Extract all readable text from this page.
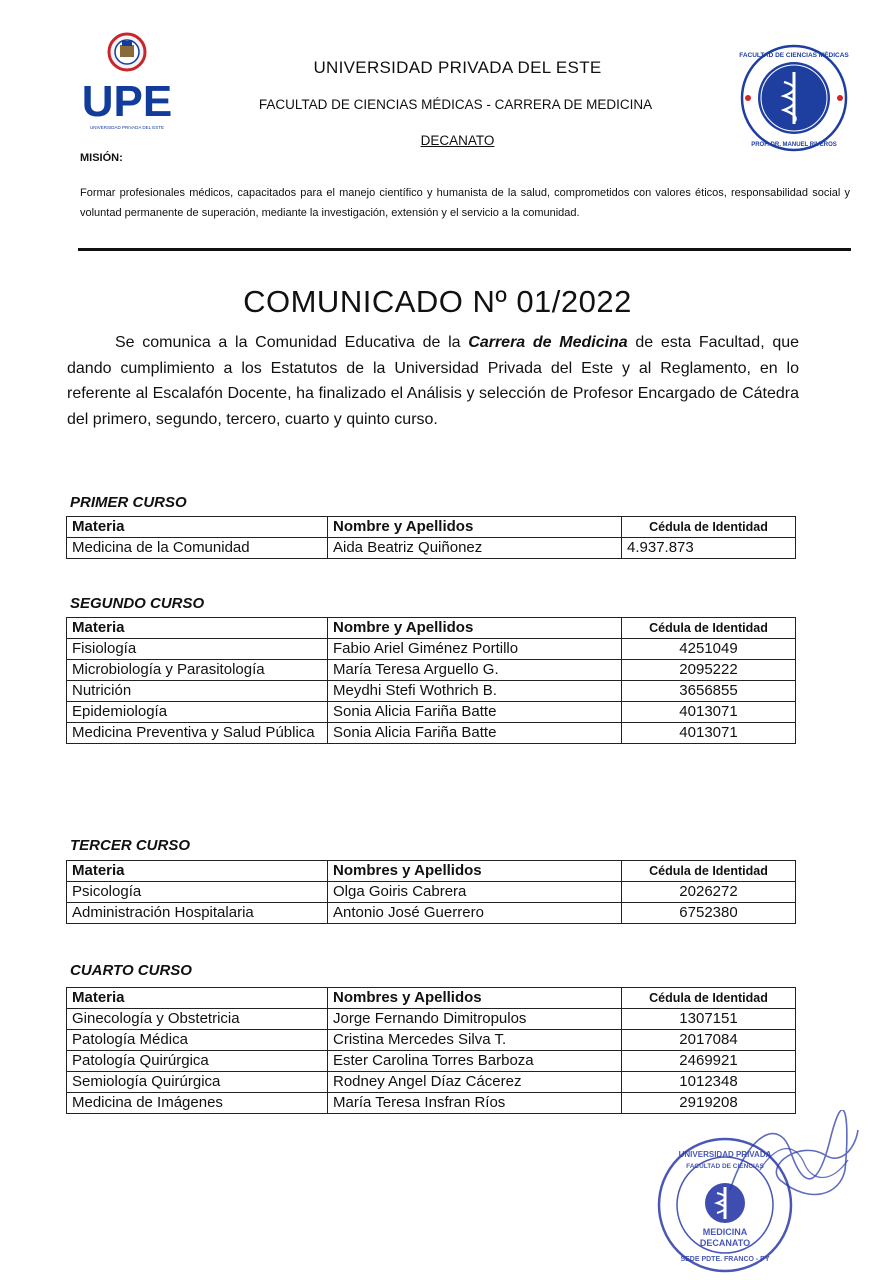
UPE
UNIVERSIDAD PRIVADA DEL ESTE
UNIVERSIDAD PRIVADA DEL ESTE
FACULTAD DE CIENCIAS MÉDICAS - CARRERA DE MEDICINA
DECANATO
FACULTAD DE CIENCIAS MÉDICAS
PROF. DR. MANUEL RIVEROS
MISIÓN:
Formar profesionales médicos, capacitados para el manejo científico y humanista de la salud, comprometidos con valores éticos, responsabilidad social y voluntad permanente de superación, mediante la investigación, extensión y el servicio a la comunidad.
COMUNICADO Nº 01/2022
Se comunica a la Comunidad Educativa de la Carrera de Medicina de esta Facultad, que dando cumplimiento a los Estatutos de la Universidad Privada del Este y al Reglamento, en lo referente al Escalafón Docente, ha finalizado el Análisis y selección de Profesor Encargado de Cátedra del primero, segundo, tercero, cuarto y quinto curso.
PRIMER CURSO
Materia	Nombre y Apellidos	Cédula de Identidad
Medicina de la Comunidad	Aida Beatriz Quiñonez	4.937.873
SEGUNDO CURSO
Materia	Nombre y Apellidos	Cédula de Identidad
Fisiología	Fabio Ariel Giménez Portillo	4251049
Microbiología y Parasitología	María Teresa Arguello G.	2095222
Nutrición	Meydhi Stefi Wothrich B.	3656855
Epidemiología	Sonia Alicia Fariña Batte	4013071
Medicina Preventiva y Salud Pública	Sonia Alicia Fariña Batte	4013071
TERCER CURSO
Materia	Nombres y Apellidos	Cédula de Identidad
Psicología	Olga Goiris Cabrera	2026272
Administración Hospitalaria	Antonio José Guerrero	6752380
CUARTO CURSO
Materia	Nombres y Apellidos	Cédula de Identidad
Ginecología y Obstetricia	Jorge Fernando Dimitropulos	1307151
Patología Médica	Cristina Mercedes Silva T.	2017084
Patología Quirúrgica	Ester Carolina Torres Barboza	2469921
Semiología Quirúrgica	Rodney Angel Díaz Cácerez	1012348
Medicina de Imágenes	María Teresa Insfran Ríos	2919208
UNIVERSIDAD PRIVADA
FACULTAD DE CIENCIAS
MEDICINA
DECANATO
SEDE PDTE. FRANCO - PY
